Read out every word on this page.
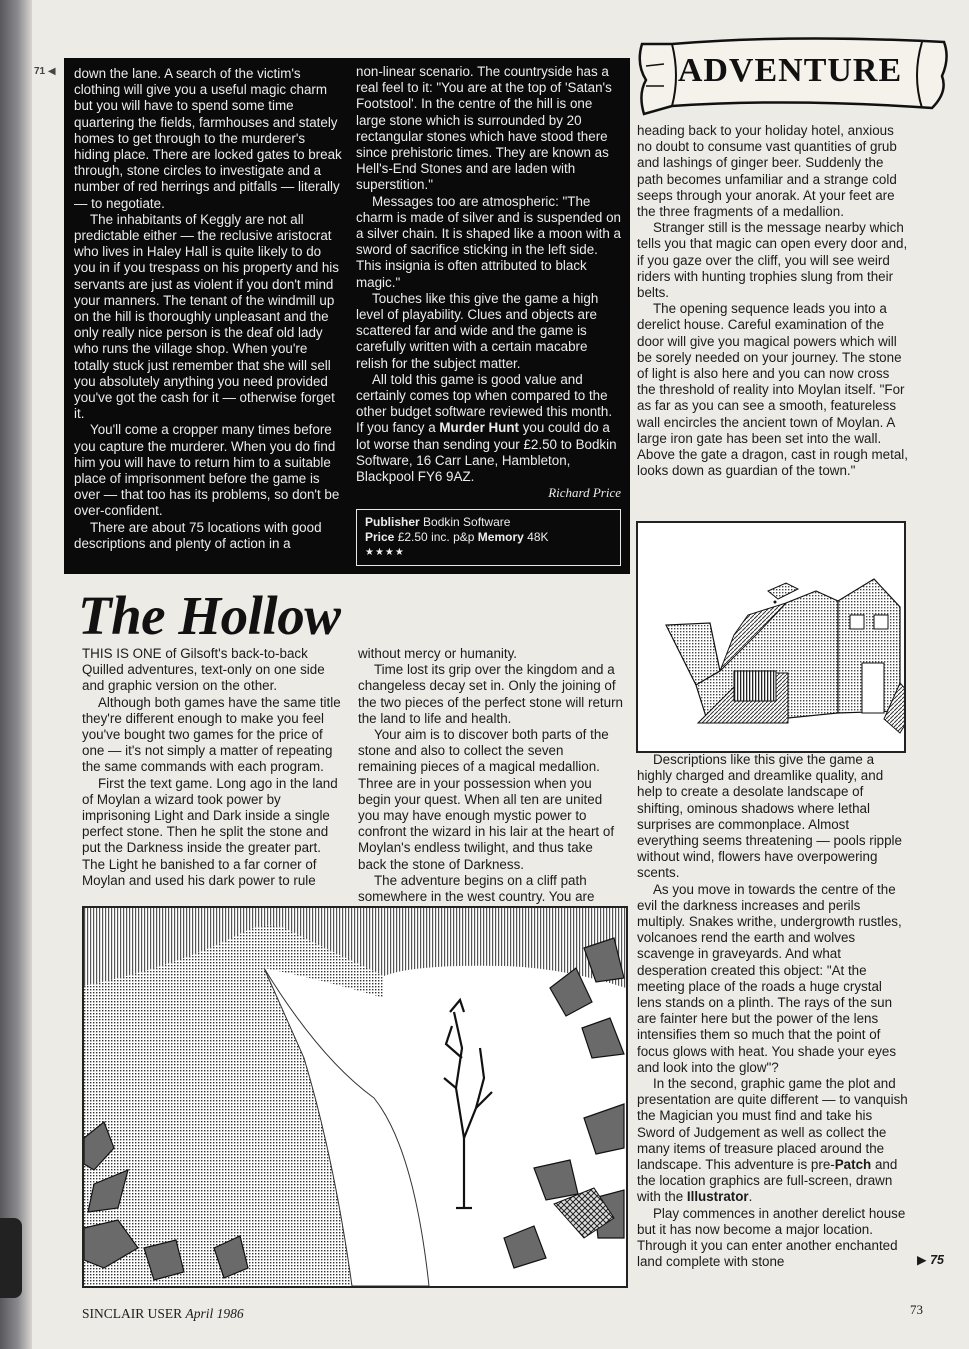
71 ◀ down the lane. A search of the victim's clothing will give you a useful magic charm but you will have to spend some time quartering the fields, farmhouses and stately homes to get through to the murderer's hiding place. There are locked gates to break through, stone circles to investigate and a number of red herrings and pitfalls — literally — to negotiate.

The inhabitants of Keggly are not all predictable either — the reclusive aristocrat who lives in Haley Hall is quite likely to do you in if you trespass on his property and his servants are just as violent if you don't mind your manners. The tenant of the windmill up on the hill is thoroughly unpleasant and the only really nice person is the deaf old lady who runs the village shop. When you're totally stuck just remember that she will sell you absolutely anything you need provided you've got the cash for it — otherwise forget it.

You'll come a cropper many times before you capture the murderer. When you do find him you will have to return him to a suitable place of imprisonment before the game is over — that too has its problems, so don't be over-confident.

There are about 75 locations with good descriptions and plenty of action in a

non-linear scenario. The countryside has a real feel to it: "You are at the top of 'Satan's Footstool'. In the centre of the hill is one large stone which is surrounded by 20 rectangular stones which have stood there since prehistoric times. They are known as Hell's-End Stones and are laden with superstition."

Messages too are atmospheric: "The charm is made of silver and is suspended on a silver chain. It is shaped like a moon with a sword of sacrifice sticking in the left side. This insignia is often attributed to black magic."

Touches like this give the game a high level of playability. Clues and objects are scattered far and wide and the game is carefully written with a certain macabre relish for the subject matter.

All told this game is good value and certainly comes top when compared to the other budget software reviewed this month. If you fancy a Murder Hunt you could do a lot worse than sending your £2.50 to Bodkin Software, 16 Carr Lane, Hambleton, Blackpool FY6 9AZ.

Richard Price
Publisher Bodkin Software
Price £2.50 inc. p&p Memory 48K
★★★★
ADVENTURE
The Hollow

THIS IS ONE of Gilsoft's back-to-back Quilled adventures, text-only on one side and graphic version on the other.

Although both games have the same title they're different enough to make you feel you've bought two games for the price of one — it's not simply a matter of repeating the same commands with each program.

First the text game. Long ago in the land of Moylan a wizard took power by imprisoning Light and Dark inside a single perfect stone. Then he split the stone and put the Darkness inside the greater part. The Light he banished to a far corner of Moylan and used his dark power to rule

without mercy or humanity.

Time lost its grip over the kingdom and a changeless decay set in. Only the joining of the two pieces of the perfect stone will return the land to life and health.

Your aim is to discover both parts of the stone and also to collect the seven remaining pieces of a magical medallion. Three are in your possession when you begin your quest. When all ten are united you may have enough mystic power to confront the wizard in his lair at the heart of Moylan's endless twilight, and thus take back the stone of Darkness.

The adventure begins on a cliff path somewhere in the west country. You are

heading back to your holiday hotel, anxious no doubt to consume vast quantities of grub and lashings of ginger beer. Suddenly the path becomes unfamiliar and a strange cold seeps through your anorak. At your feet are the three fragments of a medallion.

Stranger still is the message nearby which tells you that magic can open every door and, if you gaze over the cliff, you will see weird riders with hunting trophies slung from their belts.

The opening sequence leads you into a derelict house. Careful examination of the door will give you magical powers which will be sorely needed on your journey. The stone of light is also here and you can now cross the threshold of reality into Moylan itself. "For as far as you can see a smooth, featureless wall encircles the ancient town of Moylan. A large iron gate has been set into the wall. Above the gate a dragon, cast in rough metal, looks down as guardian of the town."

Descriptions like this give the game a highly charged and dreamlike quality, and help to create a desolate landscape of shifting, ominous shadows where lethal surprises are commonplace. Almost everything seems threatening — pools ripple without wind, flowers have overpowering scents.

As you move in towards the centre of the evil the darkness increases and perils multiply. Snakes writhe, undergrowth rustles, volcanoes rend the earth and wolves scavenge in graveyards. And what desperation created this object: "At the meeting place of the roads a huge crystal lens stands on a plinth. The rays of the sun are fainter here but the power of the lens intensifies them so much that the point of focus glows with heat. You shade your eyes and look into the glow"?

In the second, graphic game the plot and presentation are quite different — to vanquish the Magician you must find and take his Sword of Judgement as well as collect the many items of treasure placed around the landscape. This adventure is pre-Patch and the location graphics are full-screen, drawn with the Illustrator.

Play commences in another derelict house but it has now become a major location. Through it you can enter another enchanted land complete with stone	▶ 75
SINCLAIR USER April 1986	73
